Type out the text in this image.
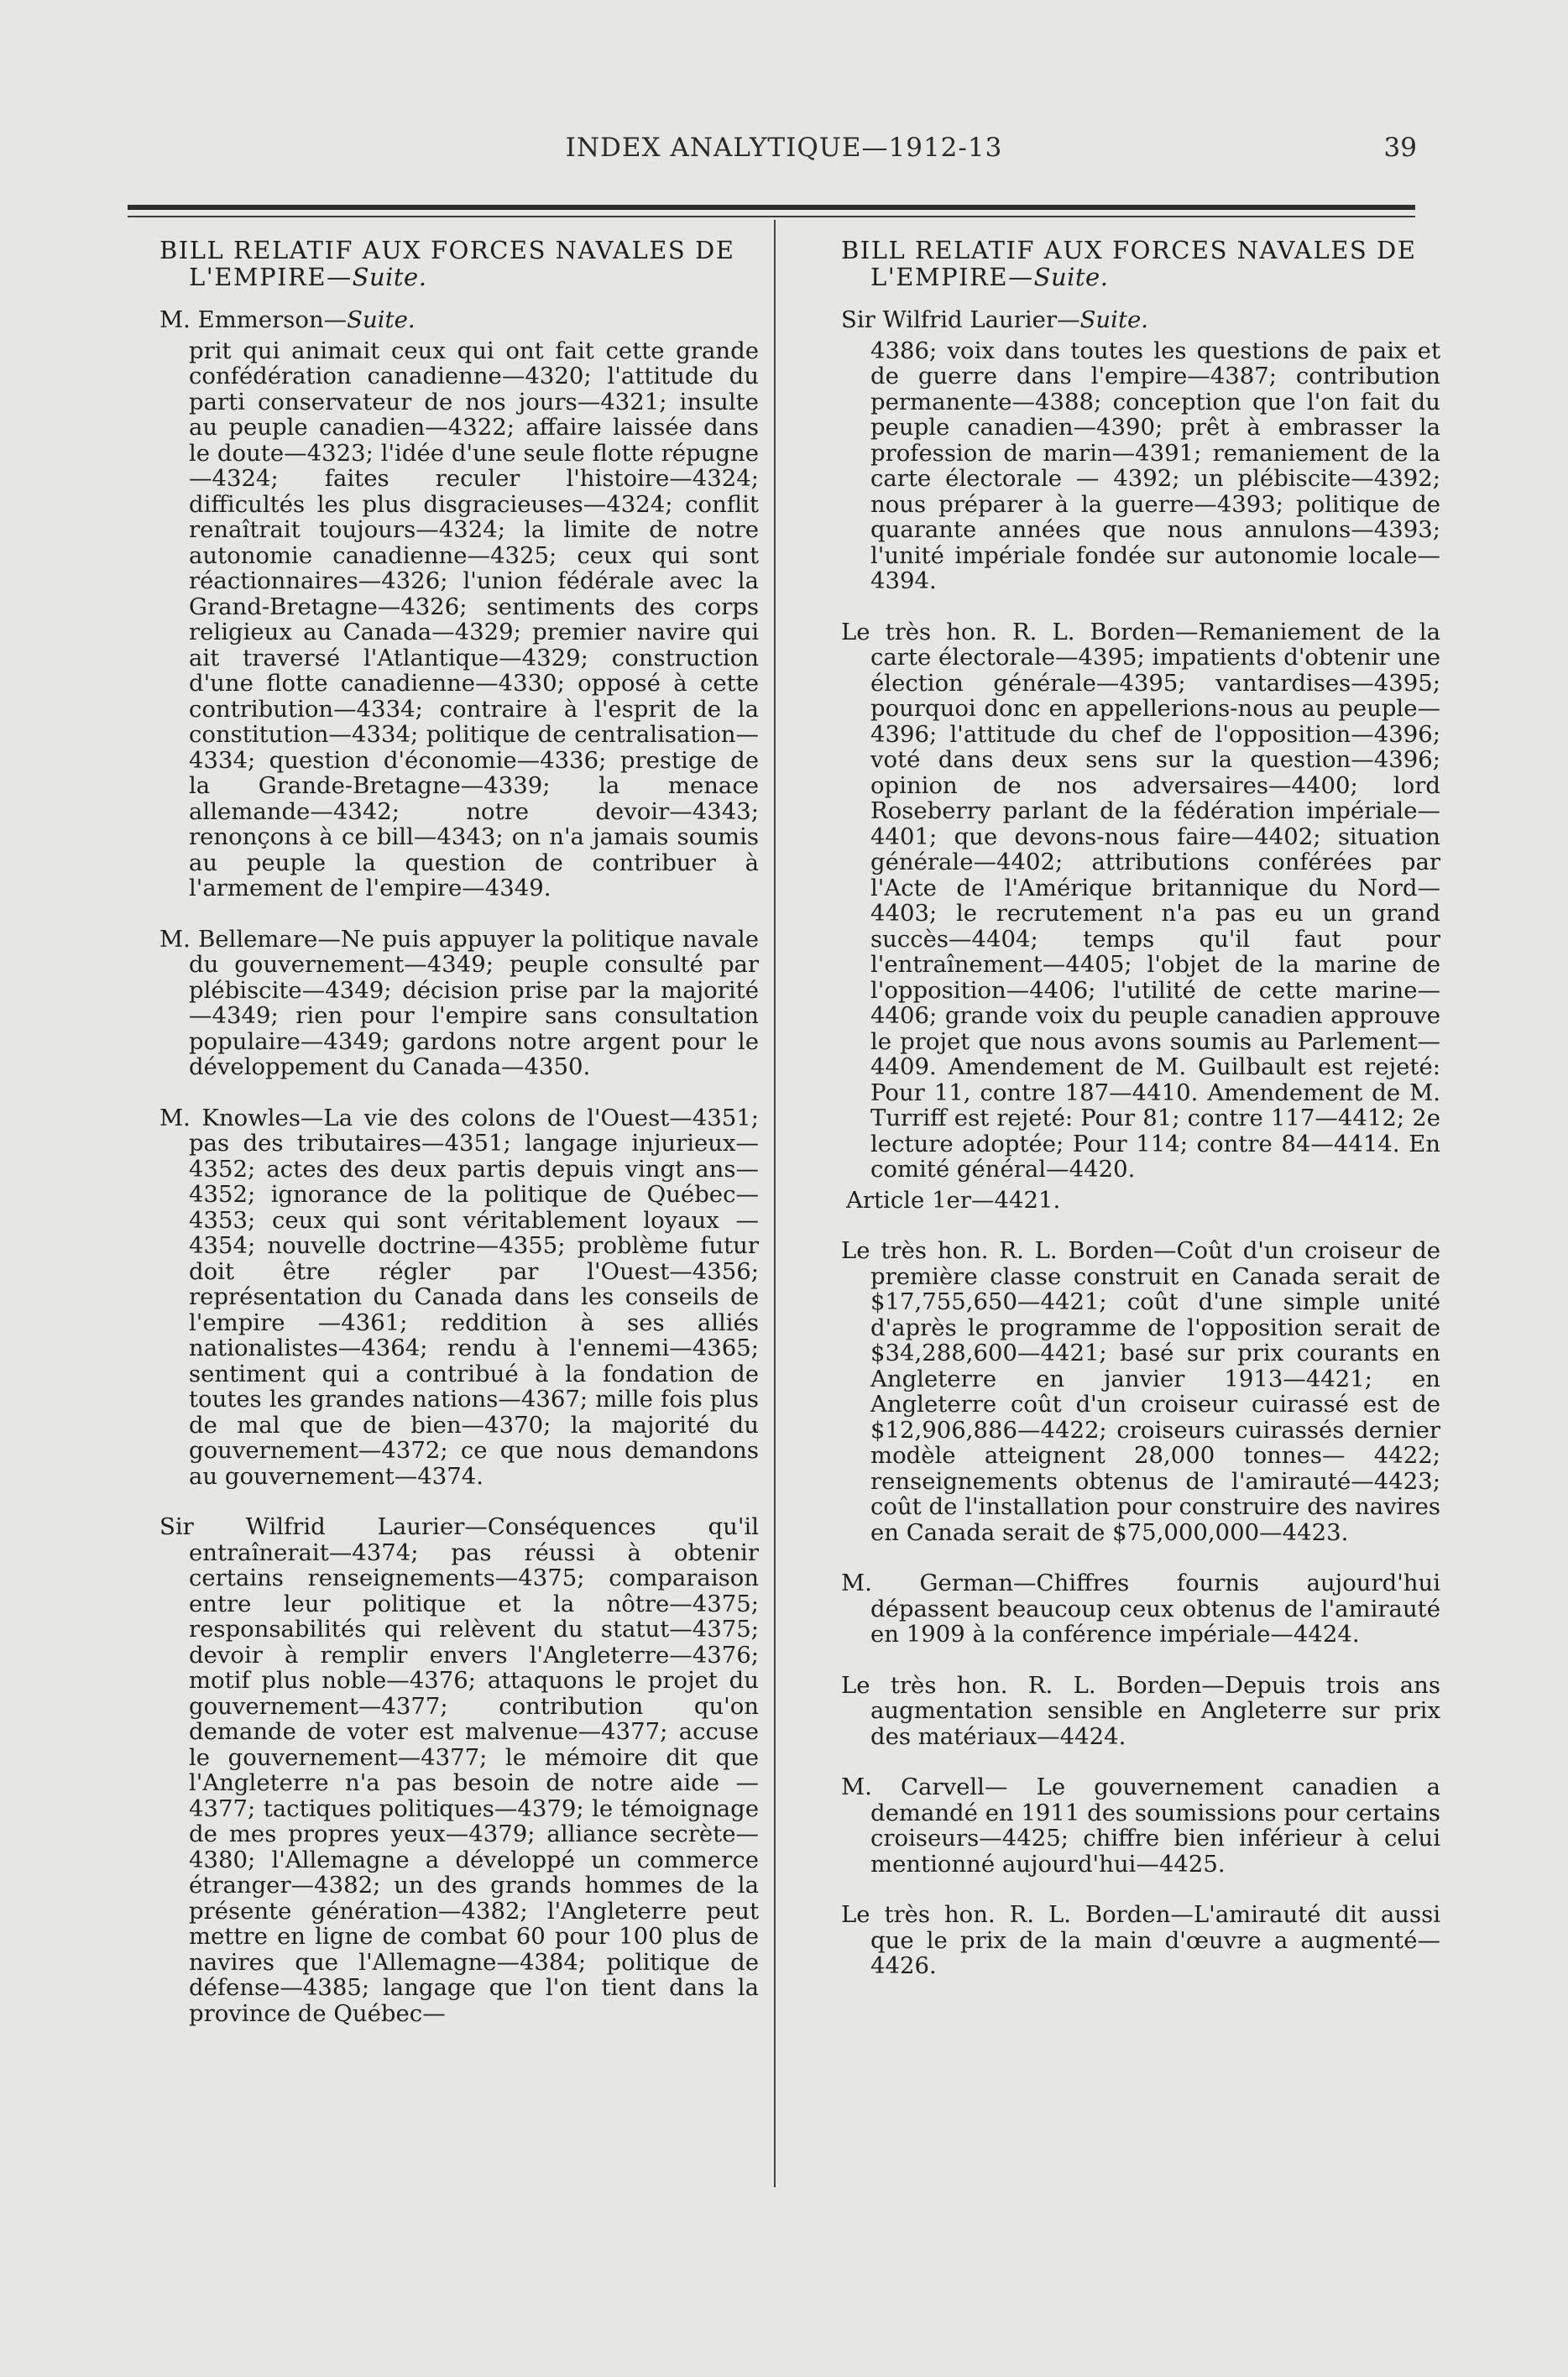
INDEX ANALYTIQUE—1912-13	39
BILL RELATIF AUX FORCES NAVALES DE L'EMPIRE—Suite.
M. Emmerson—Suite.
prit qui animait ceux qui ont fait cette grande confédération canadienne—4320; l'attitude du parti conservateur de nos jours—4321; insulte au peuple canadien—4322; affaire laissée dans le doute—4323; l'idée d'une seule flotte répugne—4324; faites reculer l'histoire—4324; difficultés les plus disgracieuses—4324; conflit renaîtrait toujours—4324; la limite de notre autonomie canadienne—4325; ceux qui sont réactionnaires—4326; l'union fédérale avec la Grand-Bretagne—4326; sentiments des corps religieux au Canada—4329; premier navire qui ait traversé l'Atlantique—4329; construction d'une flotte canadienne—4330; opposé à cette contribution—4334; contraire à l'esprit de la constitution—4334; politique de centralisation—4334; question d'économie—4336; prestige de la Grande-Bretagne—4339; la menace allemande—4342; notre devoir—4343; renonçons à ce bill—4343; on n'a jamais soumis au peuple la question de contribuer à l'armement de l'empire—4349.
M. Bellemare—Ne puis appuyer la politique navale du gouvernement—4349; peuple consulté par plébiscite—4349; décision prise par la majorité—4349; rien pour l'empire sans consultation populaire—4349; gardons notre argent pour le développement du Canada—4350.
M. Knowles—La vie des colons de l'Ouest—4351; pas des tributaires—4351; langage injurieux—4352; actes des deux partis depuis vingt ans—4352; ignorance de la politique de Québec—4353; ceux qui sont véritablement loyaux — 4354; nouvelle doctrine—4355; problème futur doit être régler par l'Ouest—4356; représentation du Canada dans les conseils de l'empire —4361; reddition à ses alliés nationalistes—4364; rendu à l'ennemi—4365; sentiment qui a contribué à la fondation de toutes les grandes nations—4367; mille fois plus de mal que de bien—4370; la majorité du gouvernement—4372; ce que nous demandons au gouvernement—4374.
Sir Wilfrid Laurier—Conséquences qu'il entraînerait—4374; pas réussi à obtenir certains renseignements—4375; comparaison entre leur politique et la nôtre—4375; responsabilités qui relèvent du statut—4375; devoir à remplir envers l'Angleterre—4376; motif plus noble—4376; attaquons le projet du gouvernement—4377; contribution qu'on demande de voter est malvenue—4377; accuse le gouvernement—4377; le mémoire dit que l'Angleterre n'a pas besoin de notre aide —4377; tactiques politiques—4379; le témoignage de mes propres yeux—4379; alliance secrète—4380; l'Allemagne a développé un commerce étranger—4382; un des grands hommes de la présente génération—4382; l'Angleterre peut mettre en ligne de combat 60 pour 100 plus de navires que l'Allemagne—4384; politique de défense—4385; langage que l'on tient dans la province de Québec—
BILL RELATIF AUX FORCES NAVALES DE L'EMPIRE—Suite.
Sir Wilfrid Laurier—Suite.
4386; voix dans toutes les questions de paix et de guerre dans l'empire—4387; contribution permanente—4388; conception que l'on fait du peuple canadien—4390; prêt à embrasser la profession de marin—4391; remaniement de la carte électorale — 4392; un plébiscite—4392; nous préparer à la guerre—4393; politique de quarante années que nous annulons—4393; l'unité impériale fondée sur autonomie locale—4394.
Le très hon. R. L. Borden—Remaniement de la carte électorale—4395; impatients d'obtenir une élection générale—4395; vantardises—4395; pourquoi donc en appellerions-nous au peuple—4396; l'attitude du chef de l'opposition—4396; voté dans deux sens sur la question—4396; opinion de nos adversaires—4400; lord Roseberry parlant de la fédération impériale—4401; que devons-nous faire—4402; situation générale—4402; attributions conférées par l'Acte de l'Amérique britannique du Nord—4403; le recrutement n'a pas eu un grand succès—4404; temps qu'il faut pour l'entraînement—4405; l'objet de la marine de l'opposition—4406; l'utilité de cette marine—4406; grande voix du peuple canadien approuve le projet que nous avons soumis au Parlement—4409. Amendement de M. Guilbault est rejeté: Pour 11, contre 187—4410. Amendement de M. Turriff est rejeté: Pour 81; contre 117—4412; 2e lecture adoptée; Pour 114; contre 84—4414. En comité général—4420.
Article 1er—4421.
Le très hon. R. L. Borden—Coût d'un croiseur de première classe construit en Canada serait de $17,755,650—4421; coût d'une simple unité d'après le programme de l'opposition serait de $34,288,600—4421; basé sur prix courants en Angleterre en janvier 1913—4421; en Angleterre coût d'un croiseur cuirassé est de $12,906,886—4422; croiseurs cuirassés dernier modèle atteignent 28,000 tonnes— 4422; renseignements obtenus de l'amirauté—4423; coût de l'installation pour construire des navires en Canada serait de $75,000,000—4423.
M. German—Chiffres fournis aujourd'hui dépassent beaucoup ceux obtenus de l'amirauté en 1909 à la conférence impériale—4424.
Le très hon. R. L. Borden—Depuis trois ans augmentation sensible en Angleterre sur prix des matériaux—4424.
M. Carvell— Le gouvernement canadien a demandé en 1911 des soumissions pour certains croiseurs—4425; chiffre bien inférieur à celui mentionné aujourd'hui—4425.
Le très hon. R. L. Borden—L'amirauté dit aussi que le prix de la main d'œuvre a augmenté—4426.
